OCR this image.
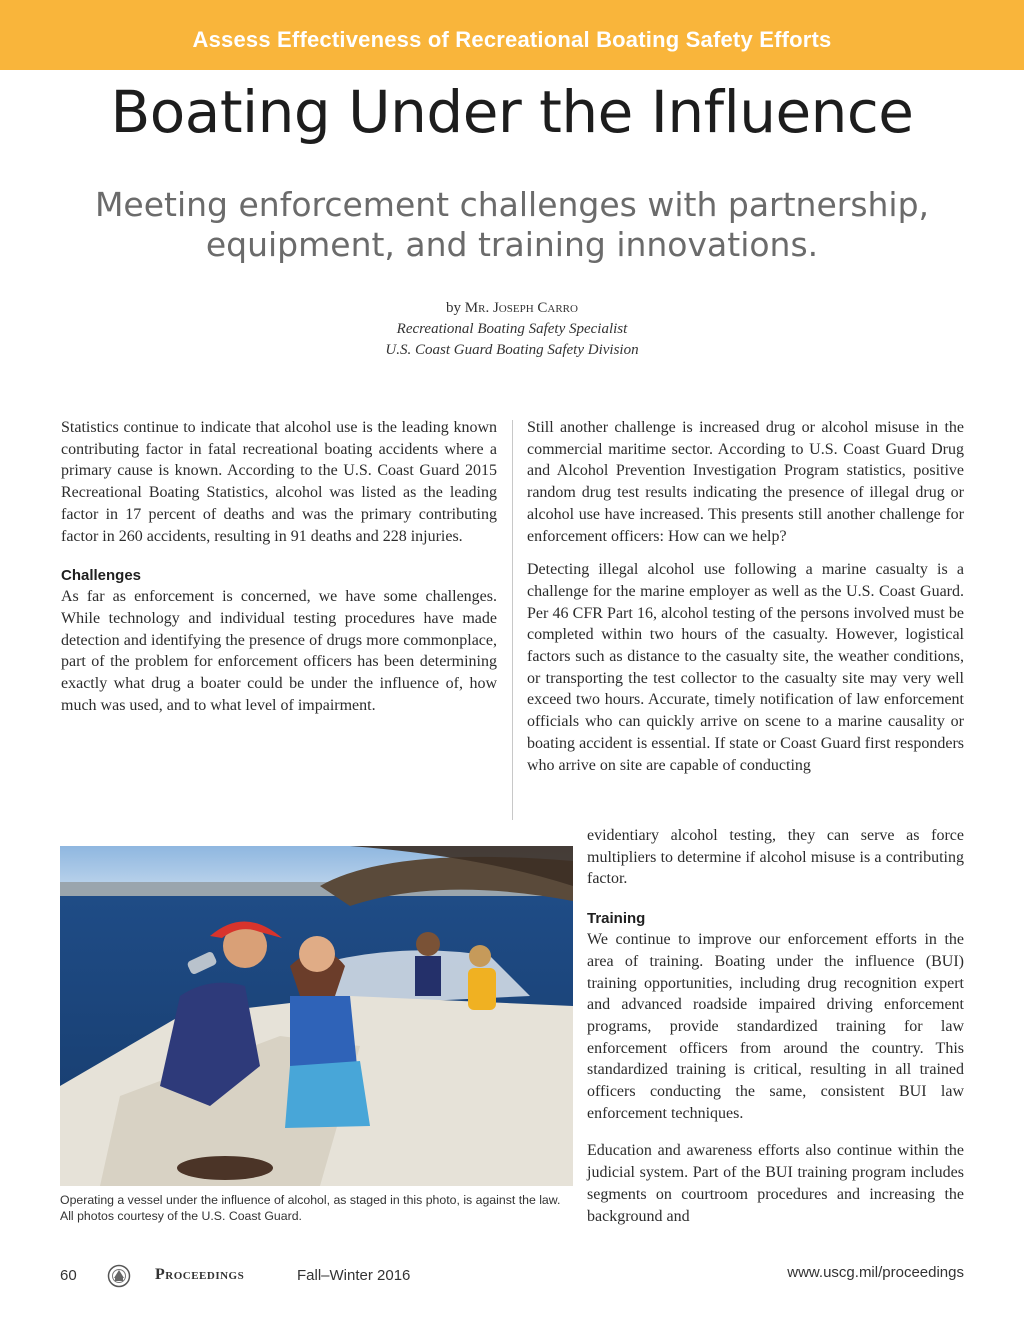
Assess Effectiveness of Recreational Boating Safety Efforts
Boating Under the Influence
Meeting enforcement challenges with partnership,
equipment, and training innovations.
by Mr. Joseph Carro
Recreational Boating Safety Specialist
U.S. Coast Guard Boating Safety Division

Statistics continue to indicate that alcohol use is the leading known contributing factor in fatal recreational boating accidents where a primary cause is known. According to the U.S. Coast Guard 2015 Recreational Boating Statistics, alcohol was listed as the leading factor in 17 percent of deaths and was the primary contributing factor in 260 accidents, resulting in 91 deaths and 228 injuries.

Challenges

As far as enforcement is concerned, we have some challenges. While technology and individual testing procedures have made detection and identifying the presence of drugs more commonplace, part of the problem for enforcement officers has been determining exactly what drug a boater could be under the influence of, how much was used, and to what level of impairment.

Still another challenge is increased drug or alcohol misuse in the commercial maritime sector. According to U.S. Coast Guard Drug and Alcohol Prevention Investigation Program statistics, positive random drug test results indicating the presence of illegal drug or alcohol use have increased. This presents still another challenge for enforcement officers: How can we help?

Detecting illegal alcohol use following a marine casualty is a challenge for the marine employer as well as the U.S. Coast Guard. Per 46 CFR Part 16, alcohol testing of the persons involved must be completed within two hours of the casualty. However, logistical factors such as distance to the casualty site, the weather conditions, or transporting the test collector to the casualty site may very well exceed two hours. Accurate, timely notification of law enforcement officials who can quickly arrive on scene to a marine causality or boating accident is essential. If state or Coast Guard first responders who arrive on site are capable of conducting

evidentiary alcohol testing, they can serve as force multipliers to determine if alcohol misuse is a contributing factor.

Training

We continue to improve our enforcement efforts in the area of training. Boating under the influence (BUI) training opportunities, including drug recognition expert and advanced roadside impaired driving enforcement programs, provide standardized training for law enforcement officers from around the country. This standardized training is critical, resulting in all trained officers conducting the same, consistent BUI law enforcement techniques.

Education and awareness efforts also continue within the judicial system. Part of the BUI training program includes segments on courtroom procedures and increasing the background and

Operating a vessel under the influence of alcohol, as staged in this photo, is against the law. All photos courtesy of the U.S. Coast Guard.
60	Proceedings	Fall–Winter 2016	www.uscg.mil/proceedings
